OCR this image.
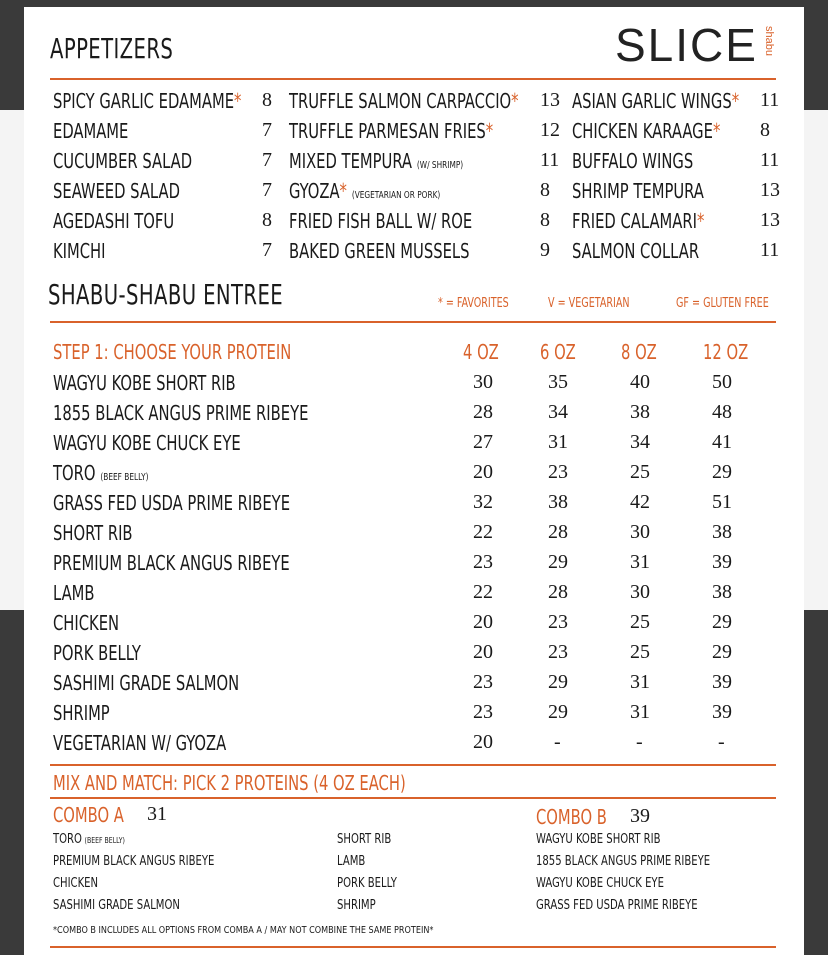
SLICE shabu
APPETIZERS
SPICY GARLIC EDAMAME* 8
EDAMAME	7
CUCUMBER SALAD	7
SEAWEED SALAD	7
AGEDASHI TOFU	8
KIMCHI	7
TRUFFLE SALMON CARPACCIO* 13
TRUFFLE PARMESAN FRIES* 12
MIXED TEMPURA (W/ SHRIMP)	11
GYOZA* (VEGETARIAN OR PORK)	8
FRIED FISH BALL W/ ROE	8
BAKED GREEN MUSSELS	9
ASIAN GARLIC WINGS* 11
CHICKEN KARAAGE* 8
BUFFALO WINGS	11
SHRIMP TEMPURA	13
FRIED CALAMARI*	13
SALMON COLLAR	11
SHABU-SHABU ENTREE	* = FAVORITES	V = VEGETARIAN	GF = GLUTEN FREE
STEP 1: CHOOSE YOUR PROTEIN	4 OZ 6 OZ 8 OZ 12 OZ
WAGYU KOBE SHORT RIB	30	35	40	50
1855 BLACK ANGUS PRIME RIBEYE	28	34	38	48
WAGYU KOBE CHUCK EYE	27	31	34	41
TORO (BEEF BELLY)	20	23	25	29
GRASS FED USDA PRIME RIBEYE	32	38	42	51
SHORT RIB	22	28	30	38
PREMIUM BLACK ANGUS RIBEYE	23	29	31	39
LAMB	22	28	30	38
CHICKEN	20	23	25	29
PORK BELLY	20	23	25	29
SASHIMI GRADE SALMON	23	29	31	39
SHRIMP	23	29	31	39
VEGETARIAN W/ GYOZA	20	-	-	-
MIX AND MATCH: PICK 2 PROTEINS (4 OZ EACH)
COMBO A 31	COMBO B 39
TORO (BEEF BELLY)
PREMIUM BLACK ANGUS RIBEYE
CHICKEN
SASHIMI GRADE SALMON
SHORT RIB
LAMB
PORK BELLY
SHRIMP
WAGYU KOBE SHORT RIB
1855 BLACK ANGUS PRIME RIBEYE
WAGYU KOBE CHUCK EYE
GRASS FED USDA PRIME RIBEYE
*COMBO B INCLUDES ALL OPTIONS FROM COMBA A / MAY NOT COMBINE THE SAME PROTEIN*
